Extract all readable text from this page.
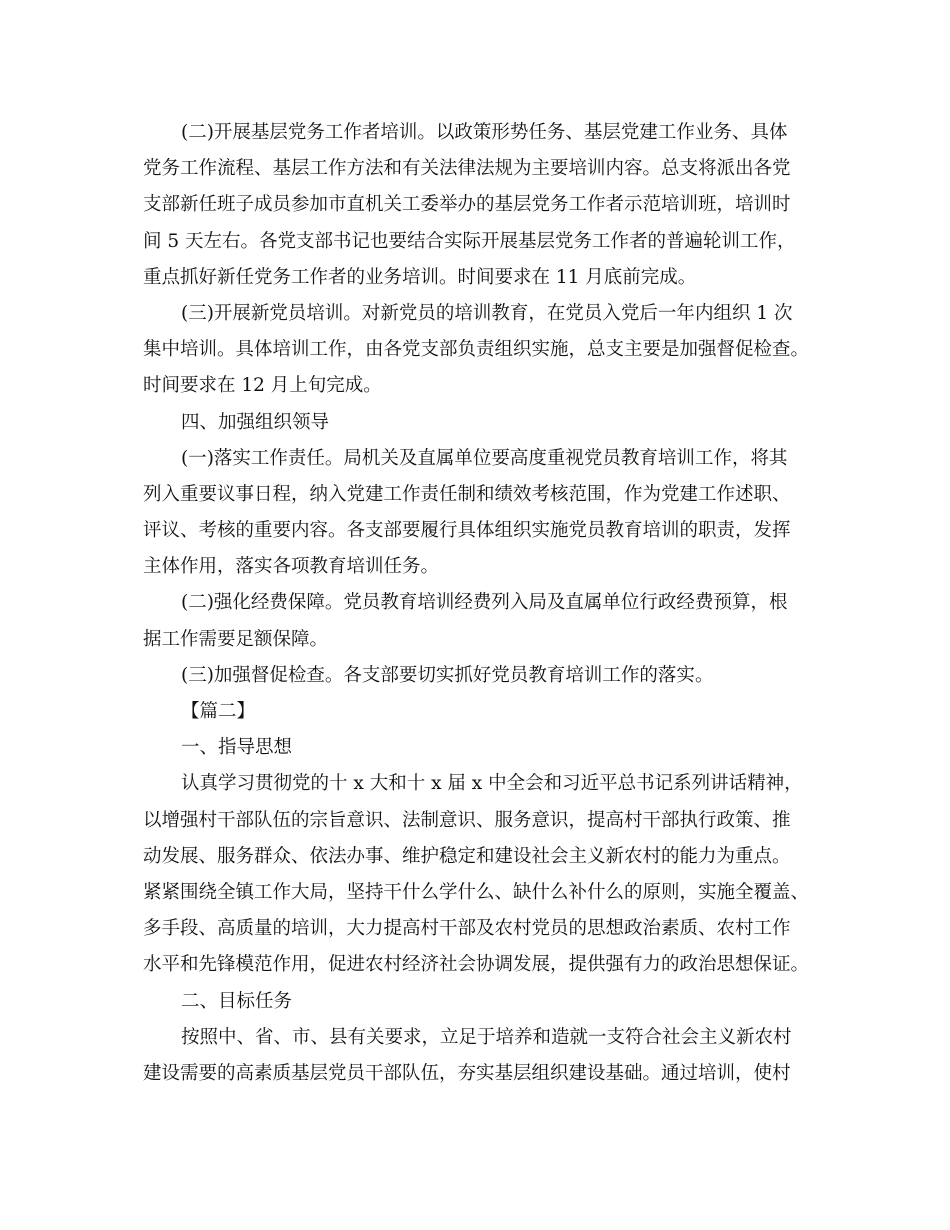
(二)开展基层党务工作者培训。以政策形势任务、基层党建工作业务、具体
党务工作流程、基层工作方法和有关法律法规为主要培训内容。总支将派出各党
支部新任班子成员参加市直机关工委举办的基层党务工作者示范培训班，培训时
间 5 天左右。各党支部书记也要结合实际开展基层党务工作者的普遍轮训工作，
重点抓好新任党务工作者的业务培训。时间要求在 11 月底前完成。
(三)开展新党员培训。对新党员的培训教育，在党员入党后一年内组织 1 次
集中培训。具体培训工作，由各党支部负责组织实施，总支主要是加强督促检查。
时间要求在 12 月上旬完成。
四、加强组织领导
(一)落实工作责任。局机关及直属单位要高度重视党员教育培训工作，将其
列入重要议事日程，纳入党建工作责任制和绩效考核范围，作为党建工作述职、
评议、考核的重要内容。各支部要履行具体组织实施党员教育培训的职责，发挥
主体作用，落实各项教育培训任务。
(二)强化经费保障。党员教育培训经费列入局及直属单位行政经费预算，根
据工作需要足额保障。
(三)加强督促检查。各支部要切实抓好党员教育培训工作的落实。
【篇二】
一、指导思想
认真学习贯彻党的十 x 大和十 x 届 x 中全会和习近平总书记系列讲话精神，
以增强村干部队伍的宗旨意识、法制意识、服务意识，提高村干部执行政策、推
动发展、服务群众、依法办事、维护稳定和建设社会主义新农村的能力为重点。
紧紧围绕全镇工作大局，坚持干什么学什么、缺什么补什么的原则，实施全覆盖、
多手段、高质量的培训，大力提高村干部及农村党员的思想政治素质、农村工作
水平和先锋模范作用，促进农村经济社会协调发展，提供强有力的政治思想保证。
二、目标任务
按照中、省、市、县有关要求，立足于培养和造就一支符合社会主义新农村
建设需要的高素质基层党员干部队伍，夯实基层组织建设基础。通过培训，使村
